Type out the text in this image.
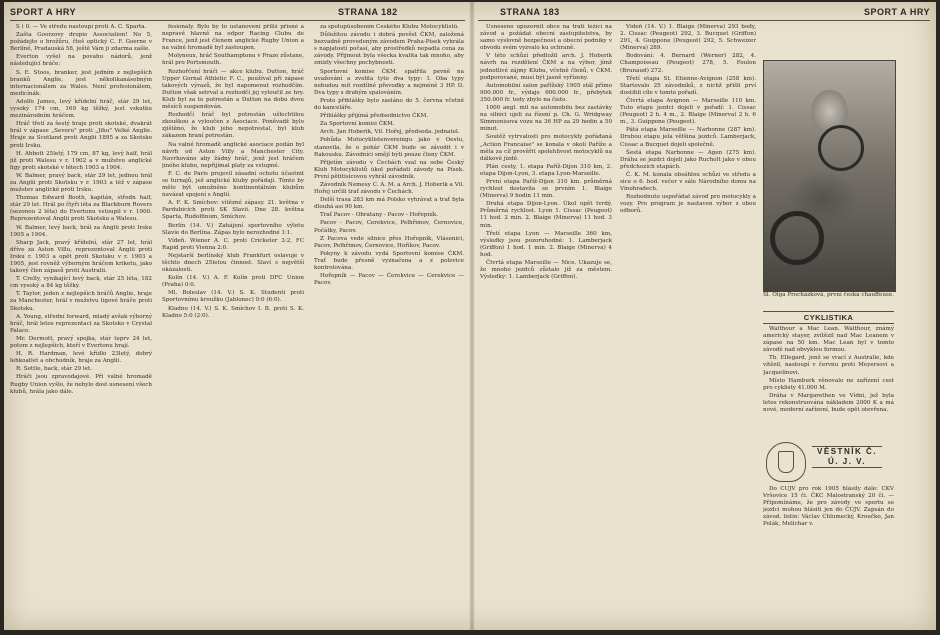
SPORT A HRY	STRANA 182	STRANA 183	SPORT A HRY

S ( 0. — Ve středu nastoupí proti A. C. Sparta.

Zašta Goorzovy dropie Association! No 5, požádejte o brožůru, čteš optický C. F. Goerne v Berlíně, Pradauská 58, ještě Vám ji zdarma zašle.

Everton vyšel na povahu nádorů, jenž následující hráče:

S. E. Stoos, branker, jest jedním z nejlepších branků Anglie, jest několikanásobným internacionálem za Wales. Není profesionálem, medicínák.

Adolfe James, levý křídelní hráč, stár 29 let, vysoký 174 cm, 169 kg těžký, jest vskutku mezinárodním hráčem.

Hráč třetí za šestý hraje proti skotské, dvakrát hrál v zápase „Severu" proti „Jihu" Velké Anglie. Hraje za Scotland proti Anglii 1895 a za Skotsko proti Irsku.

H. Abbott 25letý, 179 cm, 87 kg, levý half, hrál již proti Walesu v r. 1902 a v mužstvu anglické ligy proti skotské v létech 1903 a 1904.

W. Balmer, pravý back, stár 29 let, jednou hrál za Anglii proti Skotsku v r. 1903 a též v zápase mužstev anglické proti Irsku.

Thomas Edward Booth, kapitán, středn half, stár 29 let. Hrál po čtyři léta za Blackburn Rovers (sezonou 2 léta) do Evertonu vstoupil v r. 1900. Reprezentoval Anglii proti Skotsku a Walesu.

W. Balmer, levý back, hrál za Anglii proti Irsku 1905 a 1904.

Sharp Jack, pravý křídelní, stár 27 let, hrál dříve za Aston Villu, reprezentoval Anglii proti Irsku r. 1903 a opět proti Skotsku v r. 1903 a 1905, jest rovněž výborným hráčem kriketu, jako takový člen zápasů proti Australii.

T. Crelly, vynikající levý back, stár 25 léta, 182 cm vysoký a 84 kg těžký.

T. Taylor, jeden z nejlepších hráčů Anglie, hraje za Manchester, hrál v mužstvu ligové hráče proti Skotsku.

A. Young, střední forward, mladý avšak výborný hráč, hrál letos reprezentaci za Skotsko v Crystal Palace.

Mr. Dermott, pravý spojka, stár teprv 24 let, potom z nejlepších, kteří v Evertonu hrají.

H. R. Hardman, levé křídlo 23letý, dobrý lehkoatlet a obchodník, hraje za Anglii.

R. Settle, back, stár 29 let.

Hráči jsou zpravodajové. Při valné hromadě Rugby Union vyšlo, že nebylo dost usnesení všech klubů, hrála jako dále.

fesionály. Bylo by to ustanovení příliš přísné a nepravé hlavně na odpor Racing Clubu de France, jenž jest členem anglické Rugby Union a na valné hromadě byl zastoupen.

Molyneux, hráč Southamptonu v Praze zůstane, hrál pro Portsmouth.

Rozhořčení hráči — akce klubu. Dutton, hráč Upper Gornal Athletic F. C., používal při zápase takových výrazů, že byl napomenut rozhodčím. Dutton však setrval a rozhodčí jej vyloučil ze hry. Klub byl za to potrestán a Dutton na dobu dvou měsíců suspendován.

Rozhodčí hráč byl potrestán ušlechtilou zkouškou a vyloučen z Asociace. Poněvadž bylo zjištěno, že klub jeho nepotrestal, byl klub zákazem hraní potrestán.

Na valné hromadě anglické asociace podán byl návrh od Aston Villy a Manchester City. Navrhováno aby žádný hráč, jenž jest hráčem jiného klubu, nepřijímal platy za vstupné.

F. C. de Paris projevil zásadní ochotu účastnit se turnajů, jež anglické kluby pořádají. Tímto by mělo být umožněno kontinentálním klubům navázat spojení s Anglií.

A. F. K. Smíchov: vítězné zápasy. 21. května v Pardubicích proti SK Slavii. Dne 28. května Sparta, Rudolfinum, Smíchov.

Berlín (14. V.) Zahájení sportovního výletu Slavie do Berlína. Zápas bylo nerozhodné 1:1.

Vídeň. Wiener A. C. proti Cricketer 3:2, FC Rapid proti Vienna 2:0.

Nejstarší berlínský klub Frankfurt oslavuje v těchto dnech 25letou činnost. Slaví s největší okázalostí.

Kolín (14. V.) A. F. Kolín proti DFC Union (Praha) 0:0.

Ml. Boleslav (14. V.) S. K. Studenti proti Sportovnímu kroužku (Jablonec) 9:0 (6:0).

Kladno (14. V.) S. K. Smíchov I. B. proti S. K. Kladno 5:0 (2:0).

za spolupůsobením Českého Klubu Motocyklistů.

Důležitou závodu i dobrá pověst ČKM, založená bezvadně provedeným závodem Praha-Písek vyhrála s napjatostí počasí, aby prostředků nepadla cena za závody. Přijmout byla všecka kvalita tak mnoho, aby zmizly všechny pochybnosti.

Sportovní komise ČKM. spatřila pevně na uvažování a zvolila tyto dva typy: I. Oba typy nebudou mít rozdílné převodky a nejméně 3 HP. II. Dva typy s drahým spalováním.

Proto přihlášky bylo zasláno do 5. června včetně do kanceláře.

Přihlášky přijímá předsednictvo ČKM.

Za Sportovní komisi ČKM.

Arch. Jan Hoberik, Vil. Hořej, předseda. jednatel.

Pohůda Motocyklistenvereingu jako v Oestu, stanovila, že o pohár ČKM bude se závodit i v Rakousku. Závodníci smějí býti pouze členy ČKM.

Přijetím závodu v Čechách vzal na sebe Český Klub Motocyklistů úkol pořádati závody na Písek. První pětitisícovou vyhrál závodník.

Závodník Nemesy C. A. M. a Arch. J. Hoberik a Vil. Hořej určili trať závodu v Čechách.

Delší trasa 283 km má Polsko vyhrávat a trať byla dlouhá asi 90 km.

Trať Pacov - Obratany - Pacov - Hořepník.

Pacov - Pacov, Cerekvice, Pelhřimov, Černovice, Počátky, Pacov.

Z Pacova vede silnice přes Hořepník, Vlásenici, Pacov, Pelhřimov, Černovice, Hoříkov, Pacov.

Pokyny k závodu vydá Sportovní komise ČKM. Trať bude přesně vyznačena a z polovice kontrolována.

Hořepník — Pacov — Čerekvice — Cerekvice — Pacov.

Usneseno upozornit obce na trati ležící na závod a požádat obecní zastupitelstva, by samo výslovně bezpečnost a obecní podniky v obvodu svém vyzvalo ku ochraně.

V této schůzi předložil arch. J. Hoberik návrh na rozdělení ČKM a na výbor, jímž jednotlivé zájmy Klubu, včetně členů, v ČKM. podporované, musí být jasně vyřízeny.

Automobilní salon pařížský 1905 stál přímo 900.000 fr., výdaje 600.000 fr., přebytek 350.000 fr. tedy zbylo na čisto.

1000 angl. mil na automobilu bez zastávky na silnici ujeli za řízení p. Ch. G. Wridgway Simmonisova vozu na 36 HP za 29 hodin a 50 minut.

Soutěž vytrvalosti pro motocykly pořádaná „Action Francaise" se konala v okolí Paříže a měla za cíl prověřit spolehlivost motocyklů na dálkové jízdě.

Plán cesty, 1. etapa Paříž-Dijon 310 km, 2. etapa Dijon-Lyon, 3. etapa Lyon-Marseille.

První etapa Paříž-Dijon 310 km. průměrná rychlost dostavila se prvním 1. Blaige (Minerva) 9 hodin 11 min.

Druhá etapa Dijon-Lyon. Úkol opět tvrdý. Průměrná rychlost. Lyon 1. Cissac (Peugeot) 11 hod. 2 min. 2. Blaige (Minerva) 11 hod. 3 min.

Třetí etapa Lyon — Marseille 360 km, výsledky jsou pozoruhodné: 1. Lamberjack (Griffon) 1 hod. 1 min. 2. Blaige (Minerva) 4 hod.

Čtvrtá etapa Marseille — Nice. Ukazuje se, že mnoho jezdců zůstalo již za městem. Výsledky: 1. Lamberjack (Griffon).

Vídeň (14. V.) 1. Blaige (Minerva) 293 body, 2. Cissac (Peugeot) 292, 3. Bucquet (Griffon) 291, 4. Guippone (Peugeot) 292, 5. Schweizer (Minerva) 289.

Bodování: 4. Bernard (Werner) 282, 4. Champoiseau (Peugeot) 278, 5. Foulon (Brunaud) 272.

Třetí etapa St. Etienne-Avignon (258 km). Startovalo 25 závodníků, z nichž přišli prví dostihli cíle v tomto pořadí.

Čtvrtá etapa Avignon — Marseille 110 km. Tuto etapu jezdci dojeli v pořadí: 1. Cissac (Peugeot) 2 h. 4 m., 2. Blaige (Minerva) 2 h. 6 m., 3. Guippone (Peugeot).

Pátá etapa Marseille — Narbonne (287 km). Druhou etapu jela většina jezdců. Lamberjack, Cissac a Bucquet dojeli společně.

Šestá etapa Narbonne — Agen (275 km). Dráhu se jezdci dojeli jako Rucholt jako v obou předchozích etapách.

Č. K. M. konala obsáhlou schůzi ve středu a sice o 6. hod. večer v sále Národního domu na Vinohradech.

Rozhodnuto uspořádat závod pro motocykly a vozy. Pro program je nastaven výbor z obou odborů.

Sl. Olga Procházková, první česká chauffeuse.
CYKLISTIKA

Walthour a Mac Lean. Walthour, známý americký stayer, zvítězil nad Mac Leanem v zápase na 50 km. Mac Lean byl v tomto závodě nad obvyklou formou.

Th. Ellegard, jenž se vrací z Australie, kde vítězil, nastoupí v červnu proti Meyersovi a Jacquelinovi.

Místo Hamburk věnovalo ne zařízení cest pro cyklisty 41.000 M.

Dráha v Margarethen ve Vídni, jež byla letos rekonstruována nákladem 2000 K a má nové, moderní zařízení, bude opět otevřena.

VĚSTNÍK Č. Ú. J. V.

Do ČÚJV pro rok 1905 hlásily dále: ČKV Vršovice 15 či. ČKC Malostranský 20 či. — Připomínáme, že pro závody ve sportu se jezdci mohou hlásiti jen do ČÚJV. Zapsán do závod. listin: Václav Chlumecký, Kroučko, Jan Polák, Melichar v.
